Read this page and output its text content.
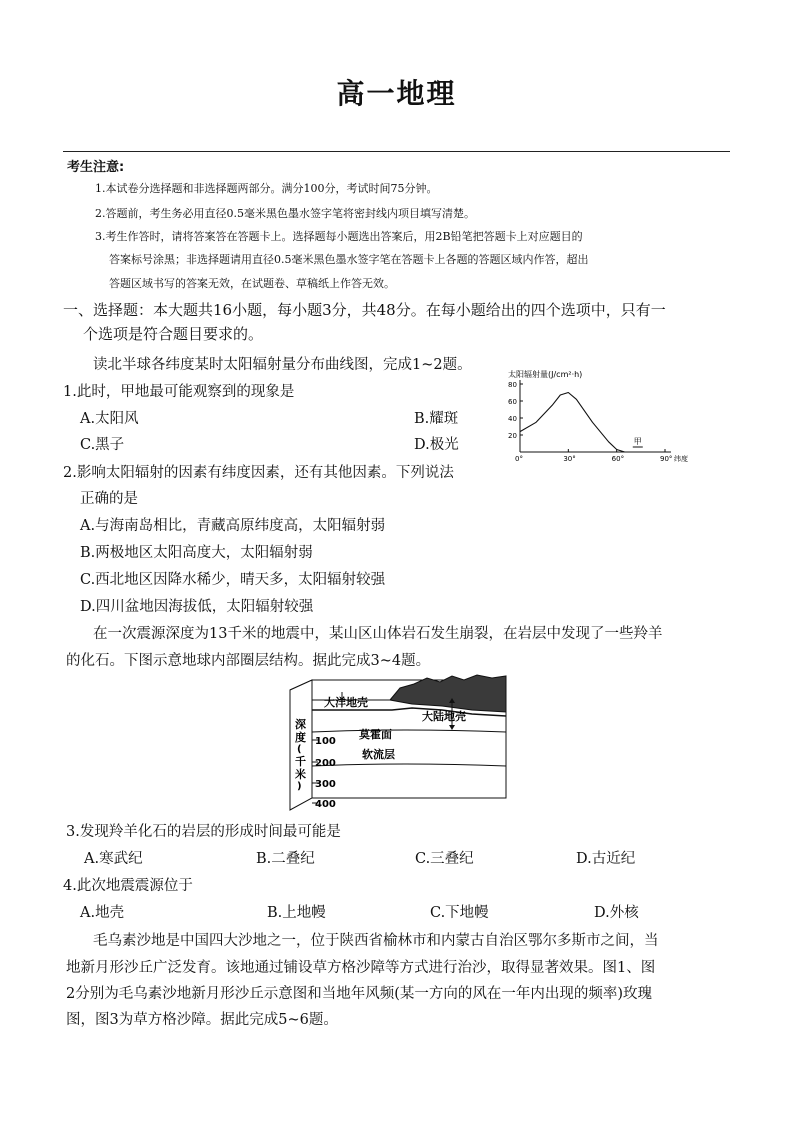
高一地理
考生注意:
1.本试卷分选择题和非选择题两部分。满分100分，考试时间75分钟。
2.答题前，考生务必用直径0.5毫米黑色墨水签字笔将密封线内项目填写清楚。
3.考生作答时，请将答案答在答题卡上。选择题每小题选出答案后，用2B铅笔把答题卡上对应题目的
答案标号涂黑；非选择题请用直径0.5毫米黑色墨水签字笔在答题卡上各题的答题区域内作答，超出
答题区域书写的答案无效，在试题卷、草稿纸上作答无效。
一、选择题：本大题共16小题，每小题3分，共48分。在每小题给出的四个选项中，只有一
个选项是符合题目要求的。
读北半球各纬度某时太阳辐射量分布曲线图，完成1~2题。
1.此时，甲地最可能观察到的现象是
A.太阳风	B.耀斑
C.黑子	D.极光
太阳辐射量(J/cm²·h)
0°	30°	60°	90°
20
40
60
80
纬度
甲
2.影响太阳辐射的因素有纬度因素，还有其他因素。下列说法
正确的是
A.与海南岛相比，青藏高原纬度高，太阳辐射弱
B.两极地区太阳高度大，太阳辐射弱
C.西北地区因降水稀少，晴天多，太阳辐射较强
D.四川盆地因海拔低，太阳辐射较强
在一次震源深度为13千米的地震中，某山区山体岩石发生崩裂，在岩层中发现了一些羚羊
的化石。下图示意地球内部圈层结构。据此完成3~4题。
100
200
300
400
深
度
(
千
米
)
大洋地壳
大陆地壳
莫霍面
软流层
3.发现羚羊化石的岩层的形成时间最可能是
A.寒武纪	B.二叠纪	C.三叠纪	D.古近纪
4.此次地震震源位于
A.地壳	B.上地幔	C.下地幔	D.外核
毛乌素沙地是中国四大沙地之一，位于陕西省榆林市和内蒙古自治区鄂尔多斯市之间，当
地新月形沙丘广泛发育。该地通过铺设草方格沙障等方式进行治沙，取得显著效果。图1、图
2分别为毛乌素沙地新月形沙丘示意图和当地年风频(某一方向的风在一年内出现的频率)玫瑰
图，图3为草方格沙障。据此完成5~6题。
